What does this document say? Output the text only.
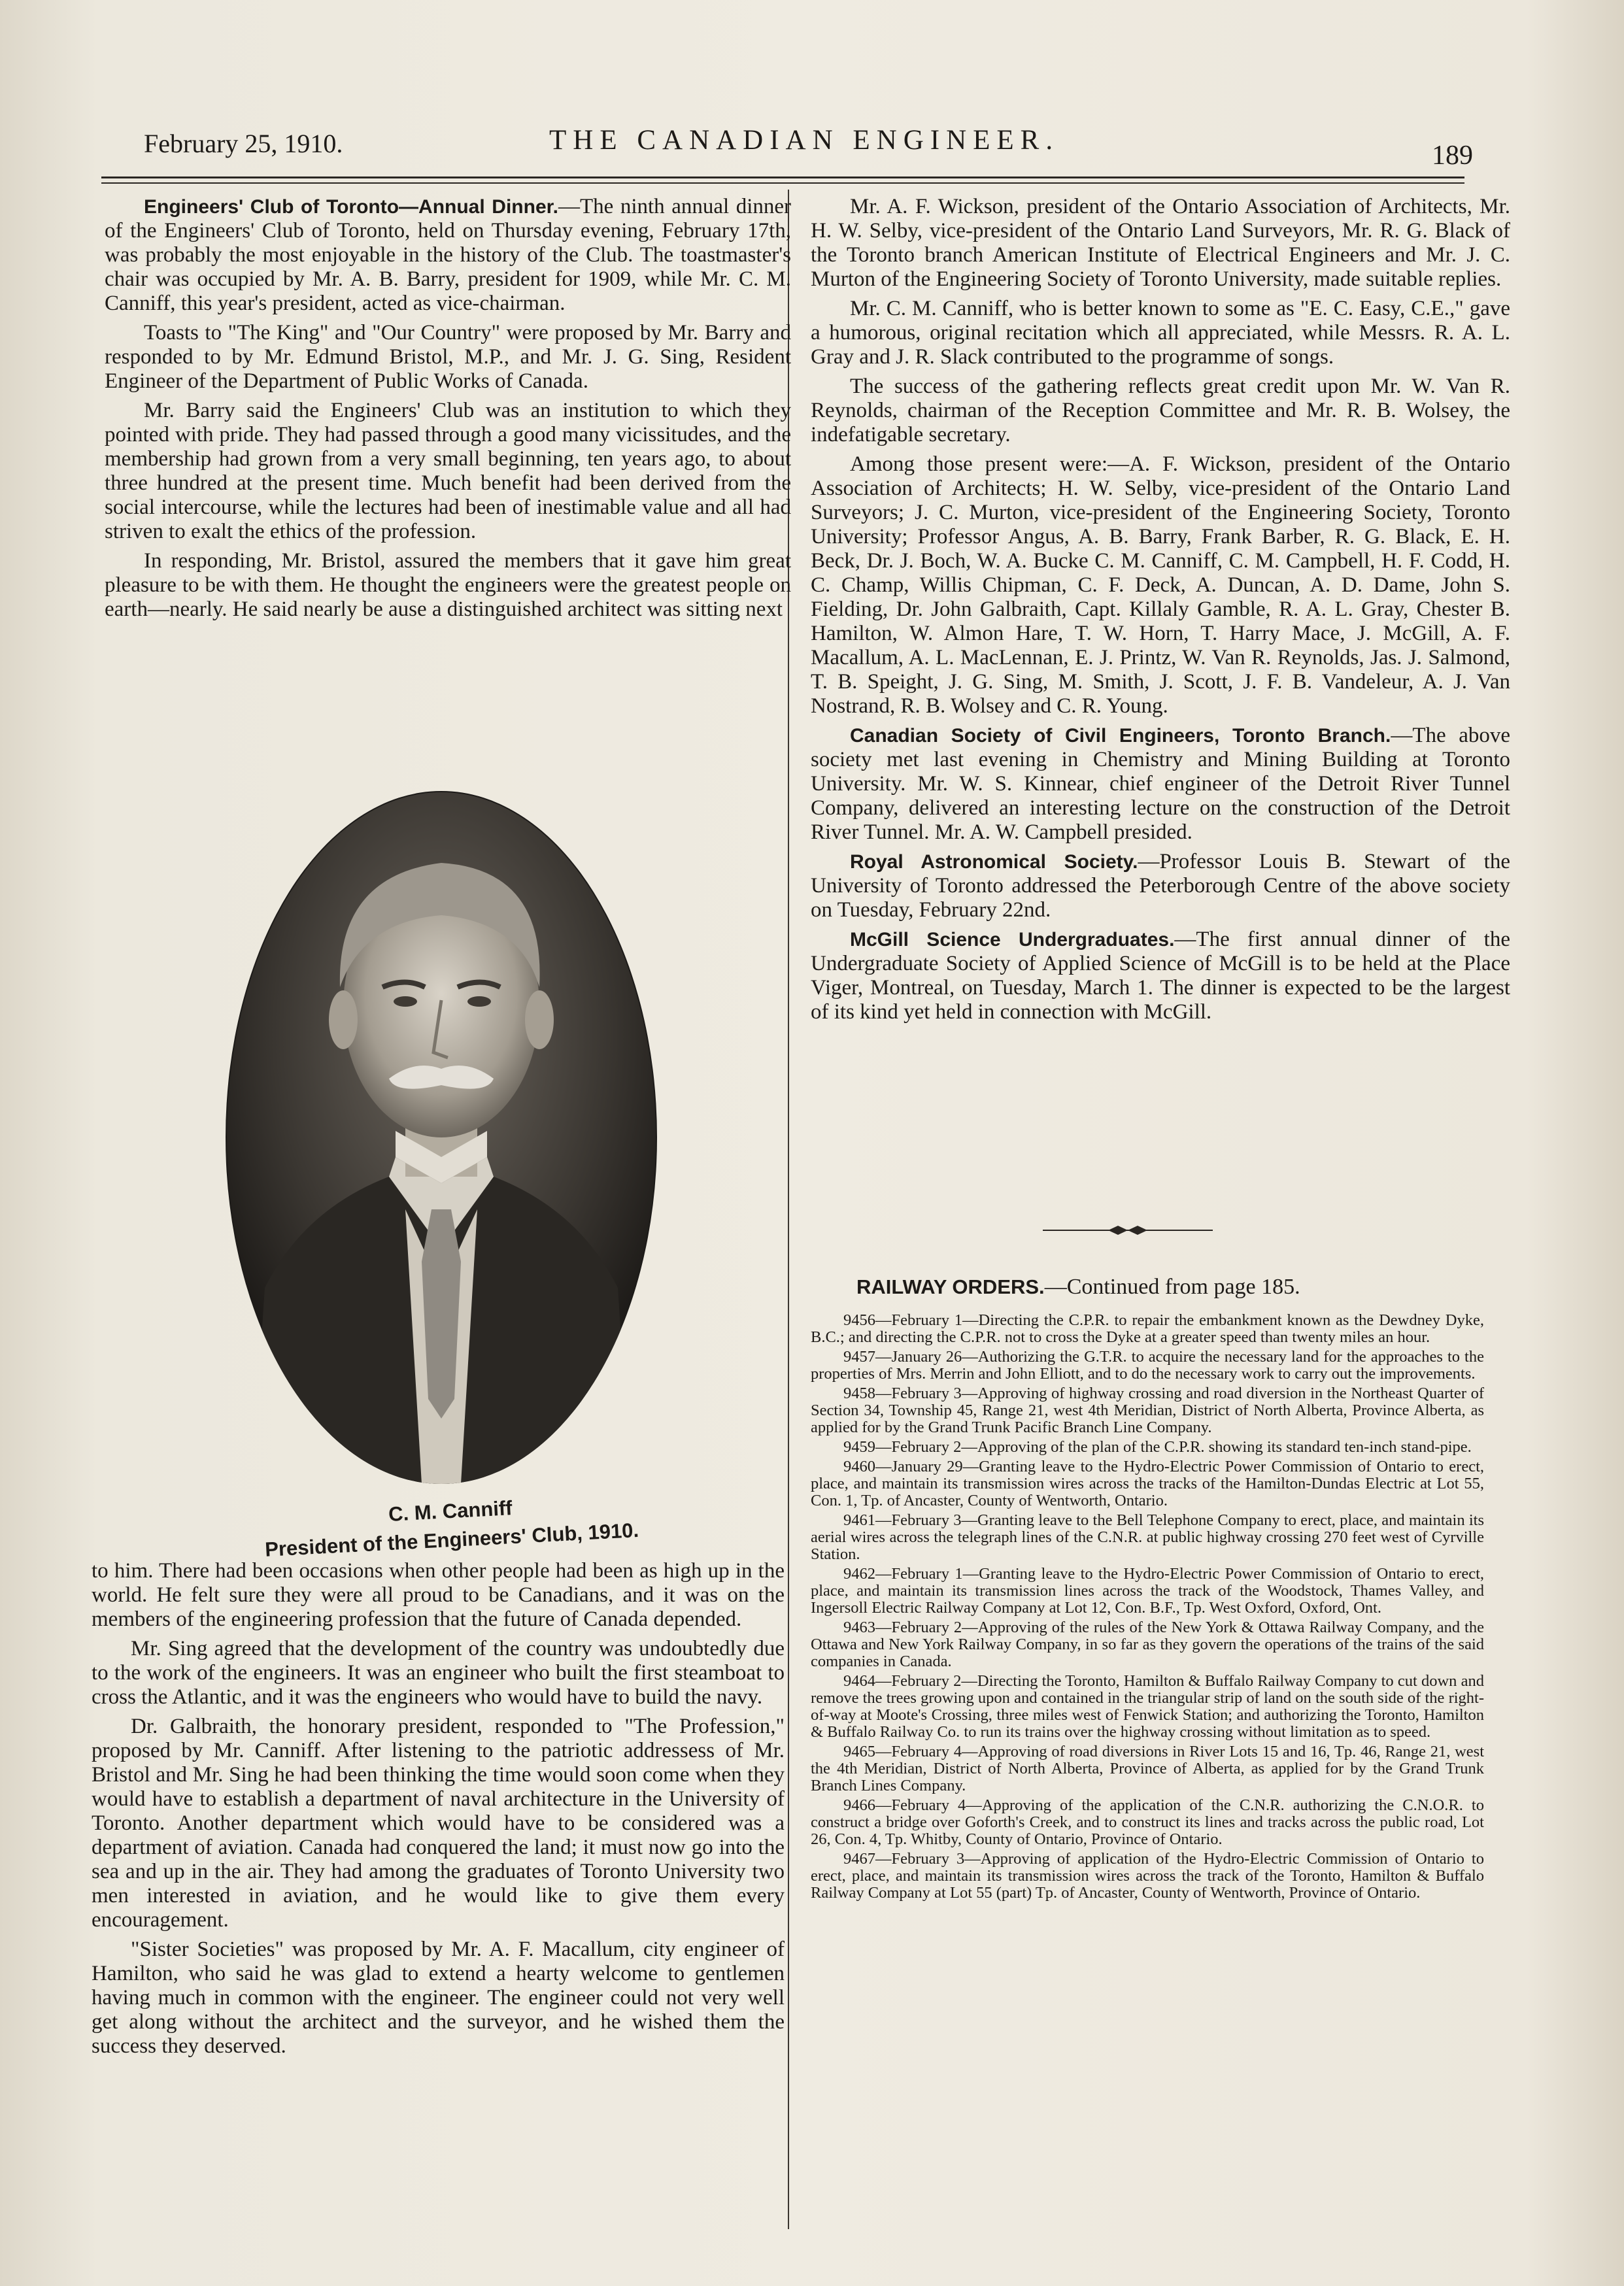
February 25, 1910.	THE CANADIAN ENGINEER.	189

Engineers' Club of Toronto—Annual Dinner.—The ninth annual dinner of the Engineers' Club of Toronto, held on Thursday evening, February 17th, was probably the most enjoyable in the history of the Club. The toastmaster's chair was occupied by Mr. A. B. Barry, president for 1909, while Mr. C. M. Canniff, this year's president, acted as vice-chairman.

Toasts to "The King" and "Our Country" were proposed by Mr. Barry and responded to by Mr. Edmund Bristol, M.P., and Mr. J. G. Sing, Resident Engineer of the Department of Public Works of Canada.

Mr. Barry said the Engineers' Club was an institution to which they pointed with pride. They had passed through a good many vicissitudes, and the membership had grown from a very small beginning, ten years ago, to about three hundred at the present time. Much benefit had been derived from the social intercourse, while the lectures had been of inestimable value and all had striven to exalt the ethics of the profession.

In responding, Mr. Bristol, assured the members that it gave him great pleasure to be with them. He thought the engineers were the greatest people on earth—nearly. He said nearly be ause a distinguished architect was sitting next

C. M. Canniff
President of the Engineers' Club, 1910.

to him. There had been occasions when other people had been as high up in the world. He felt sure they were all proud to be Canadians, and it was on the members of the engineering profession that the future of Canada depended.

Mr. Sing agreed that the development of the country was undoubtedly due to the work of the engineers. It was an engineer who built the first steamboat to cross the Atlantic, and it was the engineers who would have to build the navy.

Dr. Galbraith, the honorary president, responded to "The Profession," proposed by Mr. Canniff. After listening to the patriotic addressess of Mr. Bristol and Mr. Sing he had been thinking the time would soon come when they would have to establish a department of naval architecture in the University of Toronto. Another department which would have to be considered was a department of aviation. Canada had conquered the land; it must now go into the sea and up in the air. They had among the graduates of Toronto University two men interested in aviation, and he would like to give them every encouragement.

"Sister Societies" was proposed by Mr. A. F. Macallum, city engineer of Hamilton, who said he was glad to extend a hearty welcome to gentlemen having much in common with the engineer. The engineer could not very well get along without the architect and the surveyor, and he wished them the success they deserved.

Mr. A. F. Wickson, president of the Ontario Association of Architects, Mr. H. W. Selby, vice-president of the Ontario Land Surveyors, Mr. R. G. Black of the Toronto branch American Institute of Electrical Engineers and Mr. J. C. Murton of the Engineering Society of Toronto University, made suitable replies.

Mr. C. M. Canniff, who is better known to some as "E. C. Easy, C.E.," gave a humorous, original recitation which all appreciated, while Messrs. R. A. L. Gray and J. R. Slack contributed to the programme of songs.

The success of the gathering reflects great credit upon Mr. W. Van R. Reynolds, chairman of the Reception Committee and Mr. R. B. Wolsey, the indefatigable secretary.

Among those present were:—A. F. Wickson, president of the Ontario Association of Architects; H. W. Selby, vice-president of the Ontario Land Surveyors; J. C. Murton, vice-president of the Engineering Society, Toronto University; Professor Angus, A. B. Barry, Frank Barber, R. G. Black, E. H. Beck, Dr. J. Boch, W. A. Bucke C. M. Canniff, C. M. Campbell, H. F. Codd, H. C. Champ, Willis Chipman, C. F. Deck, A. Duncan, A. D. Dame, John S. Fielding, Dr. John Galbraith, Capt. Killaly Gamble, R. A. L. Gray, Chester B. Hamilton, W. Almon Hare, T. W. Horn, T. Harry Mace, J. McGill, A. F. Macallum, A. L. MacLennan, E. J. Printz, W. Van R. Reynolds, Jas. J. Salmond, T. B. Speight, J. G. Sing, M. Smith, J. Scott, J. F. B. Vandeleur, A. J. Van Nostrand, R. B. Wolsey and C. R. Young.

Canadian Society of Civil Engineers, Toronto Branch.—The above society met last evening in Chemistry and Mining Building at Toronto University. Mr. W. S. Kinnear, chief engineer of the Detroit River Tunnel Company, delivered an interesting lecture on the construction of the Detroit River Tunnel. Mr. A. W. Campbell presided.

Royal Astronomical Society.—Professor Louis B. Stewart of the University of Toronto addressed the Peterborough Centre of the above society on Tuesday, February 22nd.

McGill Science Undergraduates.—The first annual dinner of the Undergraduate Society of Applied Science of McGill is to be held at the Place Viger, Montreal, on Tuesday, March 1. The dinner is expected to be the largest of its kind yet held in connection with McGill.

RAILWAY ORDERS.—Continued from page 185.

9456—February 1—Directing the C.P.R. to repair the embankment known as the Dewdney Dyke, B.C.; and directing the C.P.R. not to cross the Dyke at a greater speed than twenty miles an hour.

9457—January 26—Authorizing the G.T.R. to acquire the necessary land for the approaches to the properties of Mrs. Merrin and John Elliott, and to do the necessary work to carry out the improvements.

9458—February 3—Approving of highway crossing and road diversion in the Northeast Quarter of Section 34, Township 45, Range 21, west 4th Meridian, District of North Alberta, Province Alberta, as applied for by the Grand Trunk Pacific Branch Line Company.

9459—February 2—Approving of the plan of the C.P.R. showing its standard ten-inch stand-pipe.

9460—January 29—Granting leave to the Hydro-Electric Power Commission of Ontario to erect, place, and maintain its transmission wires across the tracks of the Hamilton-Dundas Electric at Lot 55, Con. 1, Tp. of Ancaster, County of Wentworth, Ontario.

9461—February 3—Granting leave to the Bell Telephone Company to erect, place, and maintain its aerial wires across the telegraph lines of the C.N.R. at public highway crossing 270 feet west of Cyrville Station.

9462—February 1—Granting leave to the Hydro-Electric Power Commission of Ontario to erect, place, and maintain its transmission lines across the track of the Woodstock, Thames Valley, and Ingersoll Electric Railway Company at Lot 12, Con. B.F., Tp. West Oxford, Oxford, Ont.

9463—February 2—Approving of the rules of the New York & Ottawa Railway Company, and the Ottawa and New York Railway Company, in so far as they govern the operations of the trains of the said companies in Canada.

9464—February 2—Directing the Toronto, Hamilton & Buffalo Railway Company to cut down and remove the trees growing upon and contained in the triangular strip of land on the south side of the right-of-way at Moote's Crossing, three miles west of Fenwick Station; and authorizing the Toronto, Hamilton & Buffalo Railway Co. to run its trains over the highway crossing without limitation as to speed.

9465—February 4—Approving of road diversions in River Lots 15 and 16, Tp. 46, Range 21, west the 4th Meridian, District of North Alberta, Province of Alberta, as applied for by the Grand Trunk Branch Lines Company.

9466—February 4—Approving of the application of the C.N.R. authorizing the C.N.O.R. to construct a bridge over Goforth's Creek, and to construct its lines and tracks across the public road, Lot 26, Con. 4, Tp. Whitby, County of Ontario, Province of Ontario.

9467—February 3—Approving of application of the Hydro-Electric Commission of Ontario to erect, place, and maintain its transmission wires across the track of the Toronto, Hamilton & Buffalo Railway Company at Lot 55 (part) Tp. of Ancaster, County of Wentworth, Province of Ontario.
